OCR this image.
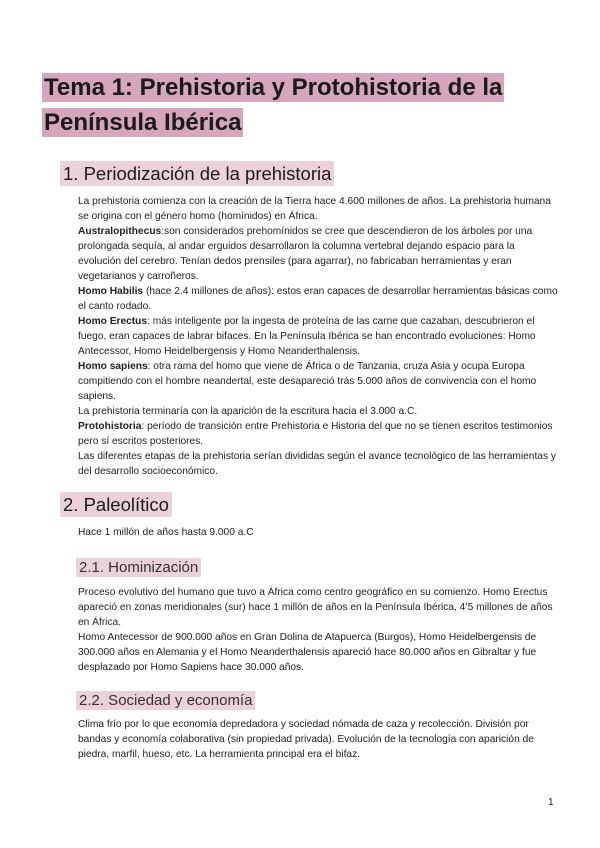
Tema 1: Prehistoria y Protohistoria de la Península Ibérica
1. Periodización de la prehistoria

La prehistoria comienza con la creación de la Tierra hace 4.600 millones de años. La prehistoria humana se origina con el género homo (homínidos) en África.

Australopithecus:son considerados prehomínidos se cree que descendieron de los árboles por una prolongada sequía, al andar erguidos desarrollaron la columna vertebral dejando espacio para la evolución del cerebro. Tenían dedos prensiles (para agarrar), no fabricaban herramientas y eran vegetarianos y carroñeros.

Homo Habilis (hace 2.4 millones de años): estos eran capaces de desarrollar herramientas básicas como el canto rodado.

Homo Erectus: más inteligente por la ingesta de proteína de las carne que cazaban, descubrieron el fuego, eran capaces de labrar bifaces. En la Península Ibérica se han encontrado evoluciones: Homo Antecessor, Homo Heidelbergensis y Homo Neanderthalensis.

Homo sapiens: otra rama del homo que viene de África o de Tanzania, cruza Asia y ocupa Europa compitiendo con el hombre neandertal, este desapareció trás 5.000 años de convivencia con el homo sapiens.

La prehistoria terminaría con la aparición de la escritura hacia el 3.000 a.C.

Protohistoria: período de transición entre Prehistoria e Historia del que no se tienen escritos testimonios pero sí escritos posteriores.

Las diferentes etapas de la prehistoria serían divididas según el avance tecnológico de las herramientas y del desarrollo socioeconómico.

2. Paleolítico

Hace 1 millón de años hasta 9.000 a.C

2.1. Hominización

Proceso evolutivo del humano que tuvo a África como centro geográfico en su comienzo. Homo Erectus apareció en zonas meridionales (sur) hace 1 millón de años en la Península Ibérica, 4’5 millones de años en África.

Homo Antecessor de 900.000 años en Gran Dolina de Atapuerca (Burgos), Homo Heidelbergensis de 300.000 años en Alemania y el Homo Neanderthalensis apareció hace 80.000 años en Gibraltar y fue desplazado por Homo Sapiens hace 30.000 años.

2.2. Sociedad y economía

Clima frío por lo que economía depredadora y sociedad nómada de caza y recolección. División por bandas y economía colaborativa (sin propiedad privada). Evolución de la tecnología con aparición de piedra, marfil, hueso, etc. La herramienta principal era el bifaz.

1
